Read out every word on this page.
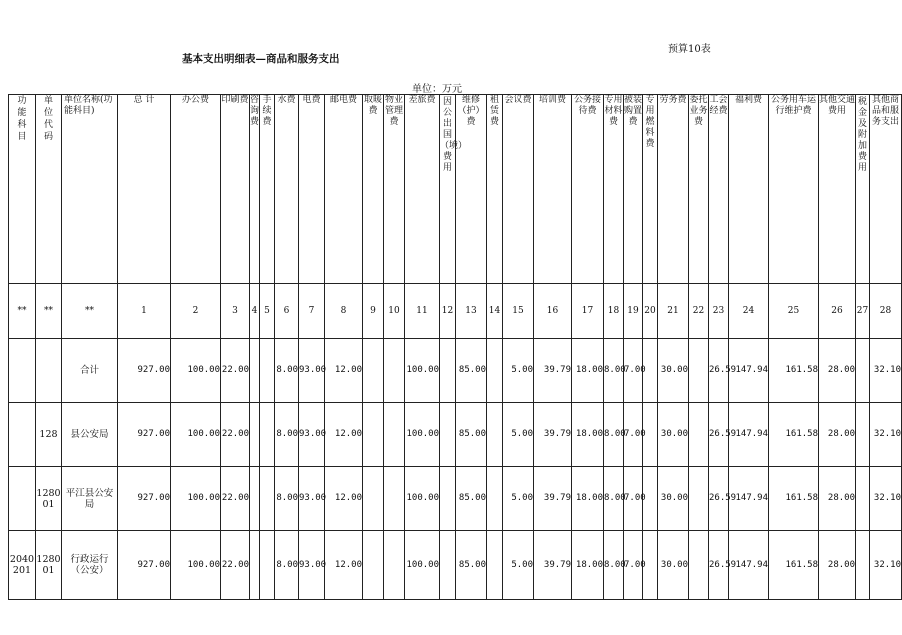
预算10表
基本支出明细表—商品和服务支出
单位：万元
功能科目	单位代码	单位名称(功能科目)	总 计	办公费	印刷费	咨询费	手续费	水费	电费	邮电费	取暖费	物业管理费	差旅费	因公出国（境）费用	维修（护）费	租赁费	会议费	培训费	公务接待费	专用材料费	被装购置费	专用燃料费	劳务费	委托业务费	工会经费	福利费	公务用车运行维护费	其他交通费用	税金及附加费用	其他商品和服务支出
**	**	**	1	2	3	4	5	6	7	8	9	10	11	12	13	14	15	16	17	18	19	20	21	22	23	24	25	26	27	28
		合计	927.00	100.00	22.00			8.00	93.00	12.00			100.00		85.00		5.00	39.79	18.00	8.00	7.00		30.00		26.59	147.94	161.58	28.00		32.10
	128	县公安局	927.00	100.00	22.00			8.00	93.00	12.00			100.00		85.00		5.00	39.79	18.00	8.00	7.00		30.00		26.59	147.94	161.58	28.00		32.10
	128001	平江县公安局	927.00	100.00	22.00			8.00	93.00	12.00			100.00		85.00		5.00	39.79	18.00	8.00	7.00		30.00		26.59	147.94	161.58	28.00		32.10
2040201	128001	行政运行（公安）	927.00	100.00	22.00			8.00	93.00	12.00			100.00		85.00		5.00	39.79	18.00	8.00	7.00		30.00		26.59	147.94	161.58	28.00		32.10
